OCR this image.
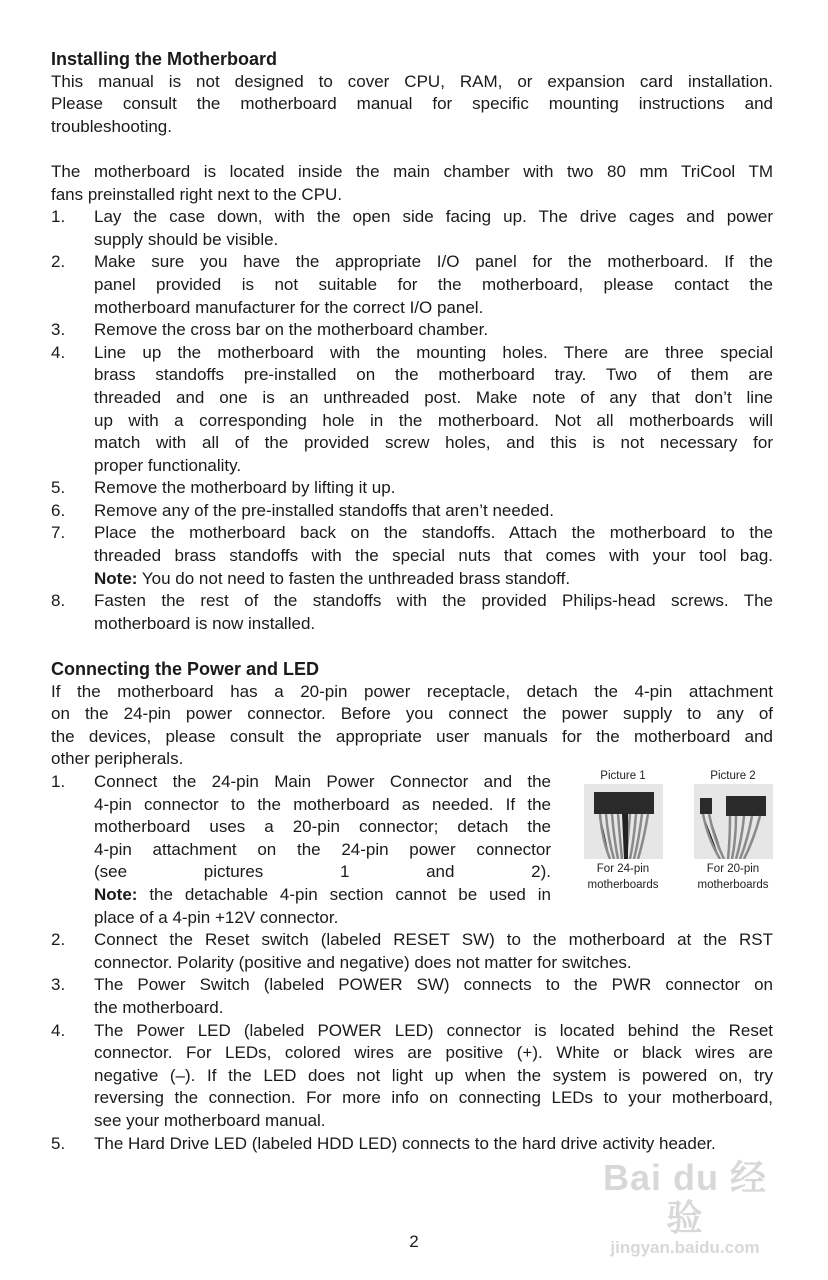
Installing the Motherboard
This manual is not designed to cover CPU, RAM, or expansion card installation.
Please consult the motherboard manual for specific mounting instructions and
troubleshooting.
The motherboard is located inside the main chamber with two 80 mm TriCool TM
fans preinstalled right next to the CPU.
1. Lay the case down, with the open side facing up. The drive cages and power
supply should be visible.
2. Make sure you have the appropriate I/O panel for the motherboard. If the
panel provided is not suitable for the motherboard, please contact the
motherboard manufacturer for the correct I/O panel.
3. Remove the cross bar on the motherboard chamber.
4. Line up the motherboard with the mounting holes. There are three special
brass standoffs pre-installed on the motherboard tray. Two of them are
threaded and one is an unthreaded post. Make note of any that don’t line
up with a corresponding hole in the motherboard. Not all motherboards will
match with all of the provided screw holes, and this is not necessary for
proper functionality.
5. Remove the motherboard by lifting it up.
6. Remove any of the pre-installed standoffs that aren’t needed.
7. Place the motherboard back on the standoffs. Attach the motherboard to the
threaded brass standoffs with the special nuts that comes with your tool bag.
Note: You do not need to fasten the unthreaded brass standoff.
8. Fasten the rest of the standoffs with the provided Philips-head screws. The
motherboard is now installed.
Connecting the Power and LED
If the motherboard has a 20-pin power receptacle, detach the 4-pin attachment
on the 24-pin power connector. Before you connect the power supply to any of
the devices, please consult the appropriate user manuals for the motherboard and
other peripherals.
1. Connect the 24-pin Main Power Connector and the
4-pin connector to the motherboard as needed. If the
motherboard uses a 20-pin connector; detach the
4-pin attachment on the 24-pin power connector
(see pictures 1 and 2).
Note: the detachable 4-pin section cannot be used in
place of a 4-pin +12V connector.
2. Connect the Reset switch (labeled RESET SW) to the motherboard at the RST
connector. Polarity (positive and negative) does not matter for switches.
3. The Power Switch (labeled POWER SW) connects to the PWR connector on
the motherboard.
4. The Power LED (labeled POWER LED) connector is located behind the Reset
connector. For LEDs, colored wires are positive (+). White or black wires are
negative (–). If the LED does not light up when the system is powered on, try
reversing the connection. For more info on connecting LEDs to your motherboard,
see your motherboard manual.
5. The Hard Drive LED (labeled HDD LED) connects to the hard drive activity header.
Picture 1
For 24-pin
motherboards
Picture 2
For 20-pin
motherboards
Bai du 经验
jingyan.baidu.com
2
